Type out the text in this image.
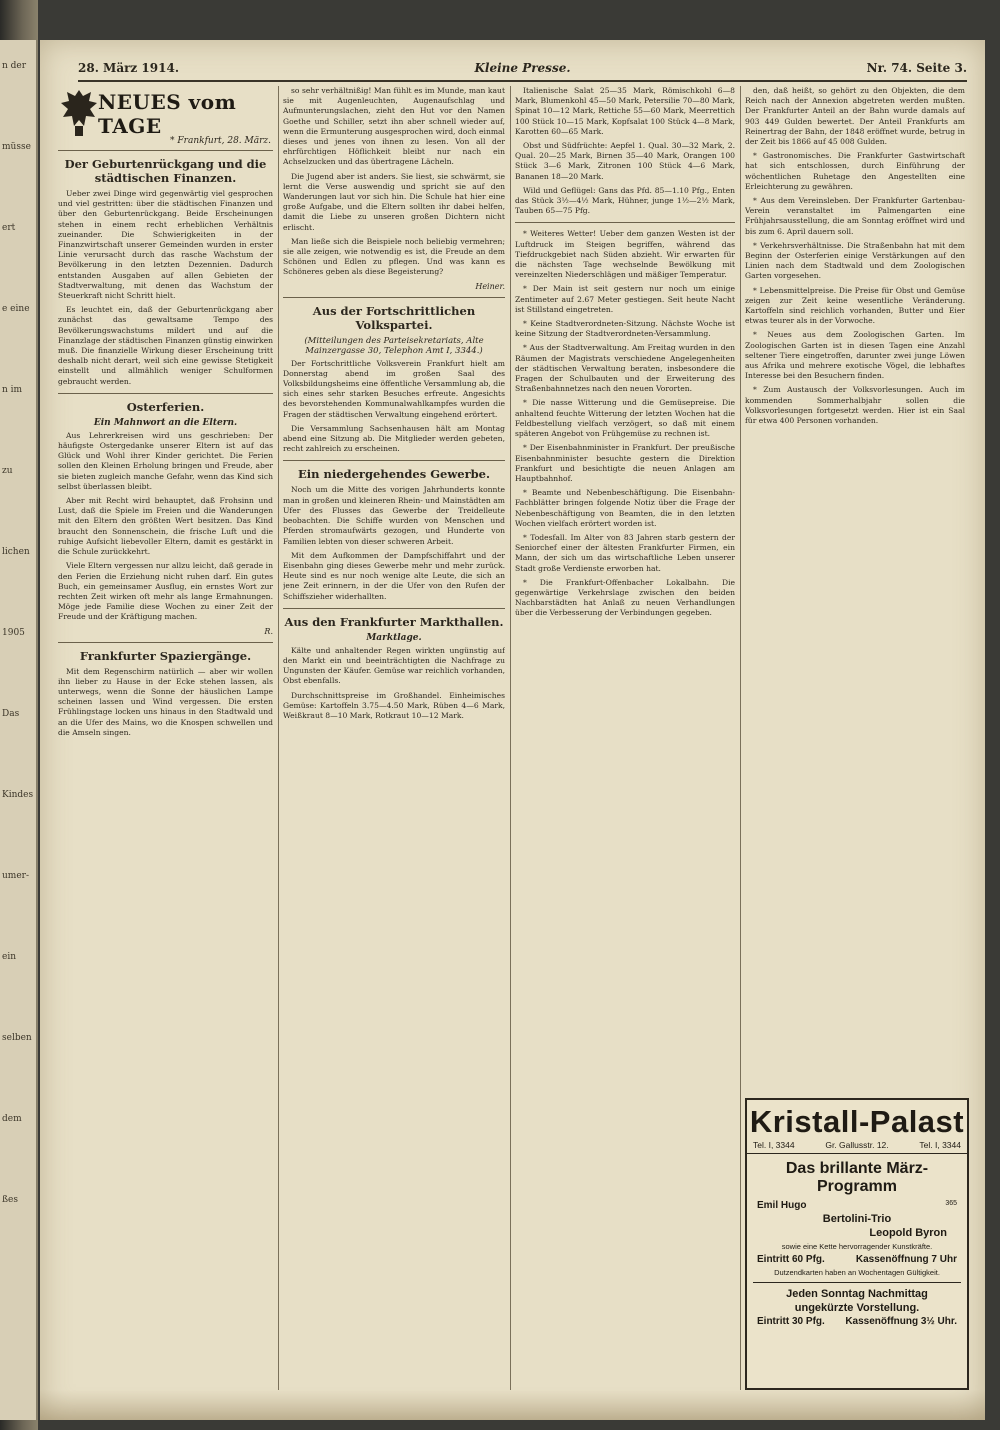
n der
müsse
ert
e eine
n im
zu
lichen
1905
Das
Kindes
umer-
ein
selben
dem
ßes
28. März 1914.	Kleine Presse.	Nr. 74. Seite 3.
NEUES vom TAGE
* Frankfurt, 28. März.
Der Geburtenrückgang und die städtischen Finanzen.

Ueber zwei Dinge wird gegenwärtig viel gesprochen und viel gestritten: über die städtischen Finanzen und über den Geburtenrückgang. Beide Erscheinungen stehen in einem recht erheblichen Verhältnis zueinander. Die Schwierigkeiten in der Finanzwirtschaft unserer Gemeinden wurden in erster Linie verursacht durch das rasche Wachstum der Bevölkerung in den letzten Dezennien. Dadurch entstanden Ausgaben auf allen Gebieten der Stadtverwaltung, mit denen das Wachstum der Steuerkraft nicht Schritt hielt.

Es leuchtet ein, daß der Geburtenrückgang aber zunächst das gewaltsame Tempo des Bevölkerungswachstums mildert und auf die Finanzlage der städtischen Finanzen günstig einwirken muß. Die finanzielle Wirkung dieser Erscheinung tritt deshalb nicht derart, weil sich eine gewisse Stetigkeit einstellt und allmählich weniger Schulformen gebraucht werden.

Osterferien.
Ein Mahnwort an die Eltern.

Aus Lehrerkreisen wird uns geschrieben: Der häufigste Ostergedanke unserer Eltern ist auf das Glück und Wohl ihrer Kinder gerichtet. Die Ferien sollen den Kleinen Erholung bringen und Freude, aber sie bieten zugleich manche Gefahr, wenn das Kind sich selbst überlassen bleibt.

Aber mit Recht wird behauptet, daß Frohsinn und Lust, daß die Spiele im Freien und die Wanderungen mit den Eltern den größten Wert besitzen. Das Kind braucht den Sonnenschein, die frische Luft und die ruhige Aufsicht liebevoller Eltern, damit es gestärkt in die Schule zurückkehrt.

Viele Eltern vergessen nur allzu leicht, daß gerade in den Ferien die Erziehung nicht ruhen darf. Ein gutes Buch, ein gemeinsamer Ausflug, ein ernstes Wort zur rechten Zeit wirken oft mehr als lange Ermahnungen. Möge jede Familie diese Wochen zu einer Zeit der Freude und der Kräftigung machen.

R.
Frankfurter Spaziergänge.

Mit dem Regenschirm natürlich — aber wir wollen ihn lieber zu Hause in der Ecke stehen lassen, als unterwegs, wenn die Sonne der häuslichen Lampe scheinen lassen und Wind vergessen. Die ersten Frühlingstage locken uns hinaus in den Stadtwald und an die Ufer des Mains, wo die Knospen schwellen und die Amseln singen.

so sehr verhältnißig! Man fühlt es im Munde, man kaut sie mit Augenleuchten, Augenaufschlag und Aufmunterungslachen, zieht den Hut vor den Namen Goethe und Schiller, setzt ihn aber schnell wieder auf, wenn die Ermunterung ausgesprochen wird, doch einmal dieses und jenes von ihnen zu lesen. Von all der ehrfürchtigen Höflichkeit bleibt nur nach ein Achselzucken und das übertragene Lächeln.

Die Jugend aber ist anders. Sie liest, sie schwärmt, sie lernt die Verse auswendig und spricht sie auf den Wanderungen laut vor sich hin. Die Schule hat hier eine große Aufgabe, und die Eltern sollten ihr dabei helfen, damit die Liebe zu unseren großen Dichtern nicht erlischt.

Man ließe sich die Beispiele noch beliebig vermehren; sie alle zeigen, wie notwendig es ist, die Freude an dem Schönen und Edlen zu pflegen. Und was kann es Schöneres geben als diese Begeisterung?

Heiner.
Aus der Fortschrittlichen Volkspartei.
(Mitteilungen des Parteisekretariats, Alte Mainzergasse 30, Telephon Amt I, 3344.)

Der Fortschrittliche Volksverein Frankfurt hielt am Donnerstag abend im großen Saal des Volksbildungsheims eine öffentliche Versammlung ab, die sich eines sehr starken Besuches erfreute. Angesichts des bevorstehenden Kommunalwahlkampfes wurden die Fragen der städtischen Verwaltung eingehend erörtert.

Die Versammlung Sachsenhausen hält am Montag abend eine Sitzung ab. Die Mitglieder werden gebeten, recht zahlreich zu erscheinen.

Ein niedergehendes Gewerbe.

Noch um die Mitte des vorigen Jahrhunderts konnte man in großen und kleineren Rhein- und Mainstädten am Ufer des Flusses das Gewerbe der Treidelleute beobachten. Die Schiffe wurden von Menschen und Pferden stromaufwärts gezogen, und Hunderte von Familien lebten von dieser schweren Arbeit.

Mit dem Aufkommen der Dampfschiffahrt und der Eisenbahn ging dieses Gewerbe mehr und mehr zurück. Heute sind es nur noch wenige alte Leute, die sich an jene Zeit erinnern, in der die Ufer von den Rufen der Schiffszieher widerhallten.

Aus den Frankfurter Markthallen.
Marktlage.

Kälte und anhaltender Regen wirkten ungünstig auf den Markt ein und beeinträchtigten die Nachfrage zu Ungunsten der Käufer. Gemüse war reichlich vorhanden, Obst ebenfalls.

Durchschnittspreise im Großhandel. Einheimisches Gemüse: Kartoffeln 3.75—4.50 Mark, Rüben 4—6 Mark, Weißkraut 8—10 Mark, Rotkraut 10—12 Mark.

Italienische Salat 25—35 Mark, Römischkohl 6—8 Mark, Blumenkohl 45—50 Mark, Petersilie 70—80 Mark, Spinat 10—12 Mark, Rettiche 55—60 Mark, Meerrettich 100 Stück 10—15 Mark, Kopfsalat 100 Stück 4—8 Mark, Karotten 60—65 Mark.

Obst und Südfrüchte: Aepfel 1. Qual. 30—32 Mark, 2. Qual. 20—25 Mark, Birnen 35—40 Mark, Orangen 100 Stück 3—6 Mark, Zitronen 100 Stück 4—6 Mark, Bananen 18—20 Mark.

Wild und Geflügel: Gans das Pfd. 85—1.10 Pfg., Enten das Stück 3½—4½ Mark, Hühner, junge 1½—2½ Mark, Tauben 65—75 Pfg.

* Weiteres Wetter! Ueber dem ganzen Westen ist der Luftdruck im Steigen begriffen, während das Tiefdruckgebiet nach Süden abzieht. Wir erwarten für die nächsten Tage wechselnde Bewölkung mit vereinzelten Niederschlägen und mäßiger Temperatur.

* Der Main ist seit gestern nur noch um einige Zentimeter auf 2.67 Meter gestiegen. Seit heute Nacht ist Stillstand eingetreten.

* Keine Stadtverordneten-Sitzung. Nächste Woche ist keine Sitzung der Stadtverordneten-Versammlung.

* Aus der Stadtverwaltung. Am Freitag wurden in den Räumen der Magistrats verschiedene Angelegenheiten der städtischen Verwaltung beraten, insbesondere die Fragen der Schulbauten und der Erweiterung des Straßenbahnnetzes nach den neuen Vororten.

* Die nasse Witterung und die Gemüsepreise. Die anhaltend feuchte Witterung der letzten Wochen hat die Feldbestellung vielfach verzögert, so daß mit einem späteren Angebot von Frühgemüse zu rechnen ist.

* Der Eisenbahnminister in Frankfurt. Der preußische Eisenbahnminister besuchte gestern die Direktion Frankfurt und besichtigte die neuen Anlagen am Hauptbahnhof.

* Beamte und Nebenbeschäftigung. Die Eisenbahn-Fachblätter bringen folgende Notiz über die Frage der Nebenbeschäftigung von Beamten, die in den letzten Wochen vielfach erörtert worden ist.

* Todesfall. Im Alter von 83 Jahren starb gestern der Seniorchef einer der ältesten Frankfurter Firmen, ein Mann, der sich um das wirtschaftliche Leben unserer Stadt große Verdienste erworben hat.

* Die Frankfurt-Offenbacher Lokalbahn. Die gegenwärtige Verkehrslage zwischen den beiden Nachbarstädten hat Anlaß zu neuen Verhandlungen über die Verbesserung der Verbindungen gegeben.

den, daß heißt, so gehört zu den Objekten, die dem Reich nach der Annexion abgetreten werden mußten. Der Frankfurter Anteil an der Bahn wurde damals auf 903 449 Gulden bewertet. Der Anteil Frankfurts am Reinertrag der Bahn, der 1848 eröffnet wurde, betrug in der Zeit bis 1866 auf 45 008 Gulden.

* Gastronomisches. Die Frankfurter Gastwirtschaft hat sich entschlossen, durch Einführung der wöchentlichen Ruhetage den Angestellten eine Erleichterung zu gewähren.

* Aus dem Vereinsleben. Der Frankfurter Gartenbau-Verein veranstaltet im Palmengarten eine Frühjahrsausstellung, die am Sonntag eröffnet wird und bis zum 6. April dauern soll.

* Verkehrsverhältnisse. Die Straßenbahn hat mit dem Beginn der Osterferien einige Verstärkungen auf den Linien nach dem Stadtwald und dem Zoologischen Garten vorgesehen.

* Lebensmittelpreise. Die Preise für Obst und Gemüse zeigen zur Zeit keine wesentliche Veränderung. Kartoffeln sind reichlich vorhanden, Butter und Eier etwas teurer als in der Vorwoche.

* Neues aus dem Zoologischen Garten. Im Zoologischen Garten ist in diesen Tagen eine Anzahl seltener Tiere eingetroffen, darunter zwei junge Löwen aus Afrika und mehrere exotische Vögel, die lebhaftes Interesse bei den Besuchern finden.

* Zum Austausch der Volksvorlesungen. Auch im kommenden Sommerhalbjahr sollen die Volksvorlesungen fortgesetzt werden. Hier ist ein Saal für etwa 400 Personen vorhanden.

Kristall-Palast
Tel. I, 3344	Gr. Gallusstr. 12.	Tel. I, 3344
Das brillante März-Programm
Emil Hugo	365
Bertolini-Trio
Leopold Byron
sowie eine Kette hervorragender Kunstkräfte.
Eintritt 60 Pfg.	Kassenöffnung 7 Uhr
Dutzendkarten haben an Wochentagen Gültigkeit.
Jeden Sonntag Nachmittag
ungekürzte Vorstellung.
Eintritt 30 Pfg. Kassenöffnung 3½ Uhr.
